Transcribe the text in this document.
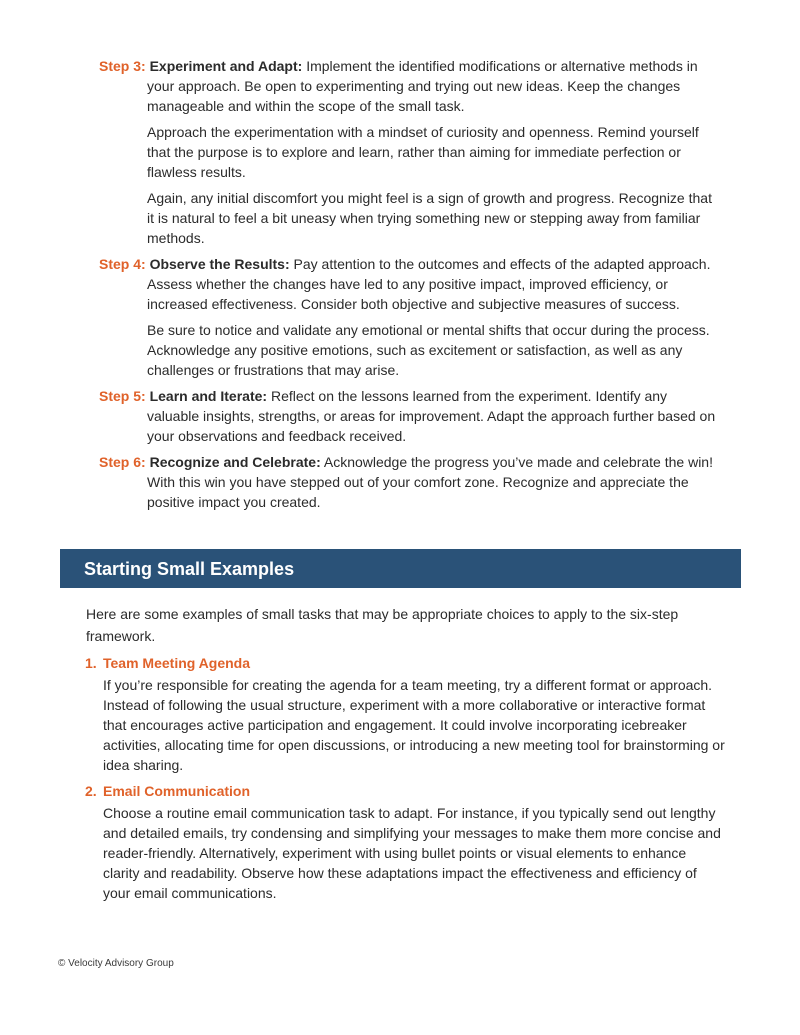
Step 3: Experiment and Adapt: Implement the identified modifications or alternative methods in your approach. Be open to experimenting and trying out new ideas. Keep the changes manageable and within the scope of the small task.
Approach the experimentation with a mindset of curiosity and openness. Remind yourself that the purpose is to explore and learn, rather than aiming for immediate perfection or flawless results.
Again, any initial discomfort you might feel is a sign of growth and progress. Recognize that it is natural to feel a bit uneasy when trying something new or stepping away from familiar methods.
Step 4: Observe the Results: Pay attention to the outcomes and effects of the adapted approach. Assess whether the changes have led to any positive impact, improved efficiency, or increased effectiveness. Consider both objective and subjective measures of success.
Be sure to notice and validate any emotional or mental shifts that occur during the process. Acknowledge any positive emotions, such as excitement or satisfaction, as well as any challenges or frustrations that may arise.
Step 5: Learn and Iterate: Reflect on the lessons learned from the experiment. Identify any valuable insights, strengths, or areas for improvement. Adapt the approach further based on your observations and feedback received.
Step 6: Recognize and Celebrate: Acknowledge the progress you’ve made and celebrate the win! With this win you have stepped out of your comfort zone. Recognize and appreciate the positive impact you created.
Starting Small Examples

Here are some examples of small tasks that may be appropriate choices to apply to the six-step framework.

1. Team Meeting Agenda
If you’re responsible for creating the agenda for a team meeting, try a different format or approach. Instead of following the usual structure, experiment with a more collaborative or interactive format that encourages active participation and engagement. It could involve incorporating icebreaker activities, allocating time for open discussions, or introducing a new meeting tool for brainstorming or idea sharing.
2. Email Communication
Choose a routine email communication task to adapt. For instance, if you typically send out lengthy and detailed emails, try condensing and simplifying your messages to make them more concise and reader-friendly. Alternatively, experiment with using bullet points or visual elements to enhance clarity and readability. Observe how these adaptations impact the effectiveness and efficiency of your email communications.
© Velocity Advisory Group
